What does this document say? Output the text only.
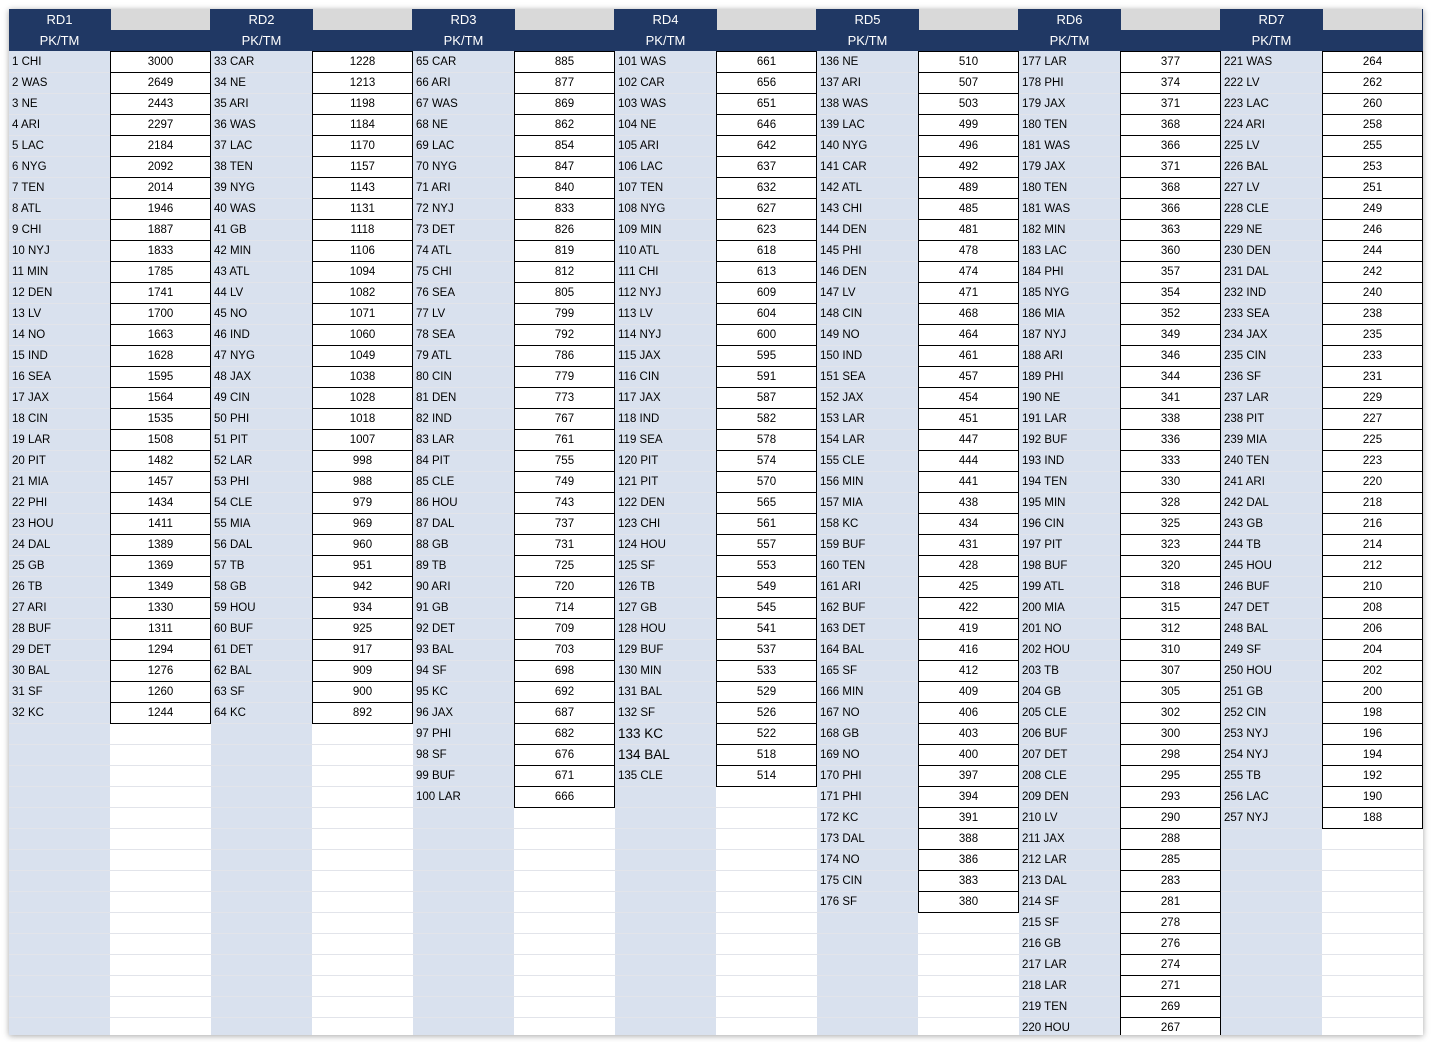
RD1
PK/TM
1 CHI	3000
2 WAS	2649
3 NE	2443
4 ARI	2297
5 LAC	2184
6 NYG	2092
7 TEN	2014
8 ATL	1946
9 CHI	1887
10 NYJ	1833
11 MIN	1785
12 DEN	1741
13 LV	1700
14 NO	1663
15 IND	1628
16 SEA	1595
17 JAX	1564
18 CIN	1535
19 LAR	1508
20 PIT	1482
21 MIA	1457
22 PHI	1434
23 HOU	1411
24 DAL	1389
25 GB	1369
26 TB	1349
27 ARI	1330
28 BUF	1311
29 DET	1294
30 BAL	1276
31 SF	1260
32 KC	1244
RD2
PK/TM
33 CAR	1228
34 NE	1213
35 ARI	1198
36 WAS	1184
37 LAC	1170
38 TEN	1157
39 NYG	1143
40 WAS	1131
41 GB	1118
42 MIN	1106
43 ATL	1094
44 LV	1082
45 NO	1071
46 IND	1060
47 NYG	1049
48 JAX	1038
49 CIN	1028
50 PHI	1018
51 PIT	1007
52 LAR	998
53 PHI	988
54 CLE	979
55 MIA	969
56 DAL	960
57 TB	951
58 GB	942
59 HOU	934
60 BUF	925
61 DET	917
62 BAL	909
63 SF	900
64 KC	892
RD3
PK/TM
65 CAR	885
66 ARI	877
67 WAS	869
68 NE	862
69 LAC	854
70 NYG	847
71 ARI	840
72 NYJ	833
73 DET	826
74 ATL	819
75 CHI	812
76 SEA	805
77 LV	799
78 SEA	792
79 ATL	786
80 CIN	779
81 DEN	773
82 IND	767
83 LAR	761
84 PIT	755
85 CLE	749
86 HOU	743
87 DAL	737
88 GB	731
89 TB	725
90 ARI	720
91 GB	714
92 DET	709
93 BAL	703
94 SF	698
95 KC	692
96 JAX	687
97 PHI	682
98 SF	676
99 BUF	671
100 LAR	666
RD4
PK/TM
101 WAS	661
102 CAR	656
103 WAS	651
104 NE	646
105 ARI	642
106 LAC	637
107 TEN	632
108 NYG	627
109 MIN	623
110 ATL	618
111 CHI	613
112 NYJ	609
113 LV	604
114 NYJ	600
115 JAX	595
116 CIN	591
117 JAX	587
118 IND	582
119 SEA	578
120 PIT	574
121 PIT	570
122 DEN	565
123 CHI	561
124 HOU	557
125 SF	553
126 TB	549
127 GB	545
128 HOU	541
129 BUF	537
130 MIN	533
131 BAL	529
132 SF	526
133 KC	522
134 BAL	518
135 CLE	514
RD5
PK/TM
136 NE	510
137 ARI	507
138 WAS	503
139 LAC	499
140 NYG	496
141 CAR	492
142 ATL	489
143 CHI	485
144 DEN	481
145 PHI	478
146 DEN	474
147 LV	471
148 CIN	468
149 NO	464
150 IND	461
151 SEA	457
152 JAX	454
153 LAR	451
154 LAR	447
155 CLE	444
156 MIN	441
157 MIA	438
158 KC	434
159 BUF	431
160 TEN	428
161 ARI	425
162 BUF	422
163 DET	419
164 BAL	416
165 SF	412
166 MIN	409
167 NO	406
168 GB	403
169 NO	400
170 PHI	397
171 PHI	394
172 KC	391
173 DAL	388
174 NO	386
175 CIN	383
176 SF	380
RD6
PK/TM
177 LAR	377
178 PHI	374
179 JAX	371
180 TEN	368
181 WAS	366
179 JAX	371
180 TEN	368
181 WAS	366
182 MIN	363
183 LAC	360
184 PHI	357
185 NYG	354
186 MIA	352
187 NYJ	349
188 ARI	346
189 PHI	344
190 NE	341
191 LAR	338
192 BUF	336
193 IND	333
194 TEN	330
195 MIN	328
196 CIN	325
197 PIT	323
198 BUF	320
199 ATL	318
200 MIA	315
201 NO	312
202 HOU	310
203 TB	307
204 GB	305
205 CLE	302
206 BUF	300
207 DET	298
208 CLE	295
209 DEN	293
210 LV	290
211 JAX	288
212 LAR	285
213 DAL	283
214 SF	281
215 SF	278
216 GB	276
217 LAR	274
218 LAR	271
219 TEN	269
220 HOU	267
RD7
PK/TM
221 WAS	264
222 LV	262
223 LAC	260
224 ARI	258
225 LV	255
226 BAL	253
227 LV	251
228 CLE	249
229 NE	246
230 DEN	244
231 DAL	242
232 IND	240
233 SEA	238
234 JAX	235
235 CIN	233
236 SF	231
237 LAR	229
238 PIT	227
239 MIA	225
240 TEN	223
241 ARI	220
242 DAL	218
243 GB	216
244 TB	214
245 HOU	212
246 BUF	210
247 DET	208
248 BAL	206
249 SF	204
250 HOU	202
251 GB	200
252 CIN	198
253 NYJ	196
254 NYJ	194
255 TB	192
256 LAC	190
257 NYJ	188
